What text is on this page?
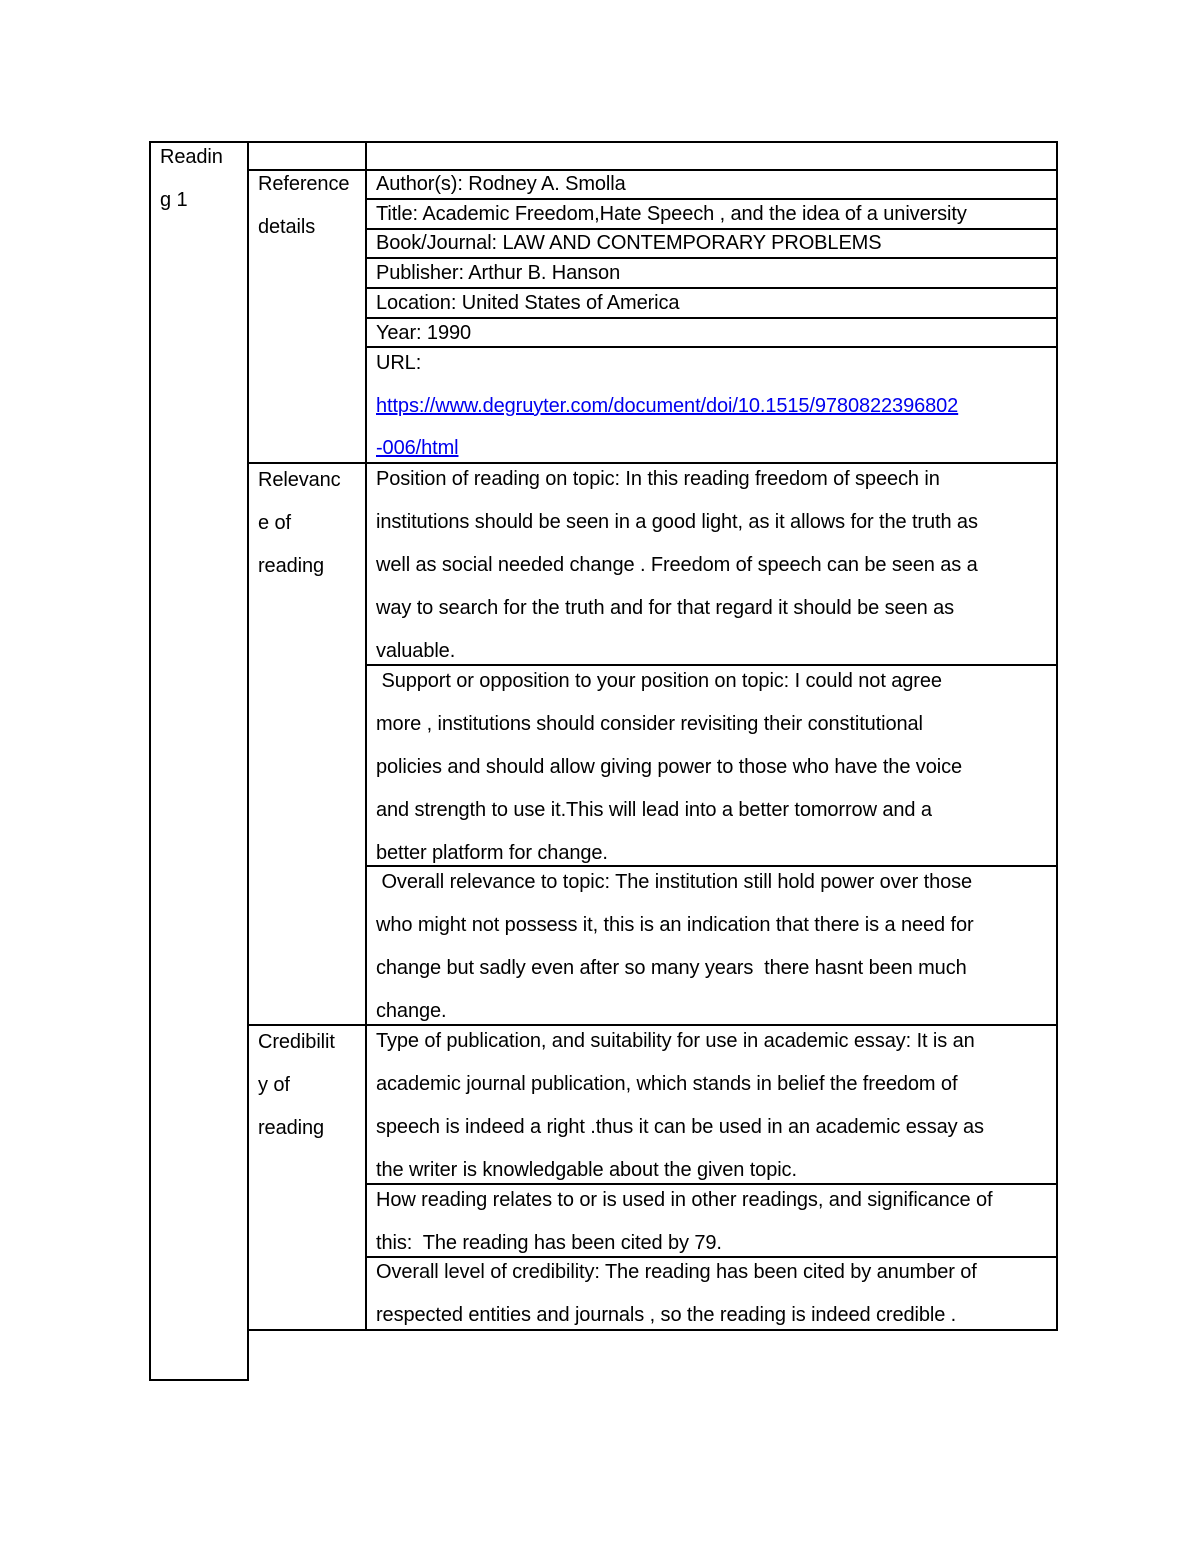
Readin
g 1
Reference
details
Relevanc
e of
reading
Credibilit
y of
reading
Author(s): Rodney A. Smolla
Title: Academic Freedom,Hate Speech , and the idea of a university
Book/Journal: LAW AND CONTEMPORARY PROBLEMS
Publisher: Arthur B. Hanson
Location: United States of America
Year: 1990
URL:
https://www.degruyter.com/document/doi/10.1515/9780822396802
-006/html
Position of reading on topic: In this reading freedom of speech in
institutions should be seen in a good light, as it allows for the truth as
well as social needed change . Freedom of speech can be seen as a
way to search for the truth and for that regard it should be seen as
valuable.
Support or opposition to your position on topic: I could not agree
more , institutions should consider revisiting their constitutional
policies and should allow giving power to those who have the voice
and strength to use it.This will lead into a better tomorrow and a
better platform for change.
Overall relevance to topic: The institution still hold power over those
who might not possess it, this is an indication that there is a need for
change but sadly even after so many years  there hasnt been much
change.
Type of publication, and suitability for use in academic essay: It is an
academic journal publication, which stands in belief the freedom of
speech is indeed a right .thus it can be used in an academic essay as
the writer is knowledgable about the given topic.
How reading relates to or is used in other readings, and significance of
this:  The reading has been cited by 79.
Overall level of credibility: The reading has been cited by anumber of
respected entities and journals , so the reading is indeed credible .
